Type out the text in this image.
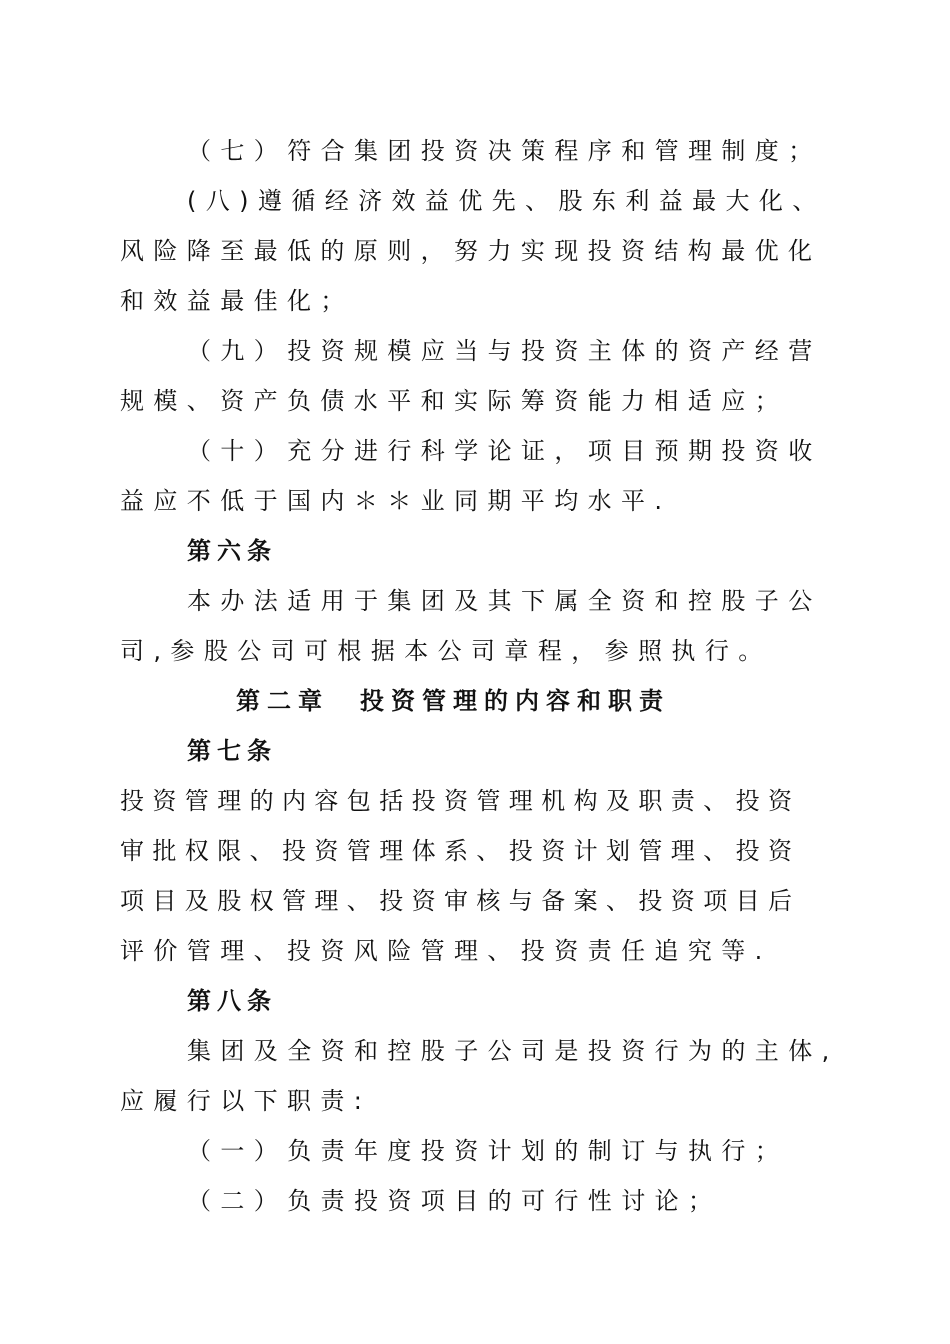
（七）符合集团投资决策程序和管理制度；
(八)遵循经济效益优先、股东利益最大化、
风险降至最低的原则，努力实现投资结构最优化
和效益最佳化；
（九）投资规模应当与投资主体的资产经营
规模、资产负债水平和实际筹资能力相适应；
（十）充分进行科学论证，项目预期投资收
益应不低于国内＊＊业同期平均水平.
第六条
本办法适用于集团及其下属全资和控股子公
司,参股公司可根据本公司章程，参照执行。
第二章　投资管理的内容和职责
第七条
投资管理的内容包括投资管理机构及职责、投资
审批权限、投资管理体系、投资计划管理、投资
项目及股权管理、投资审核与备案、投资项目后
评价管理、投资风险管理、投资责任追究等.
第八条
集团及全资和控股子公司是投资行为的主体,
应履行以下职责:
（一）负责年度投资计划的制订与执行；
（二）负责投资项目的可行性讨论；
